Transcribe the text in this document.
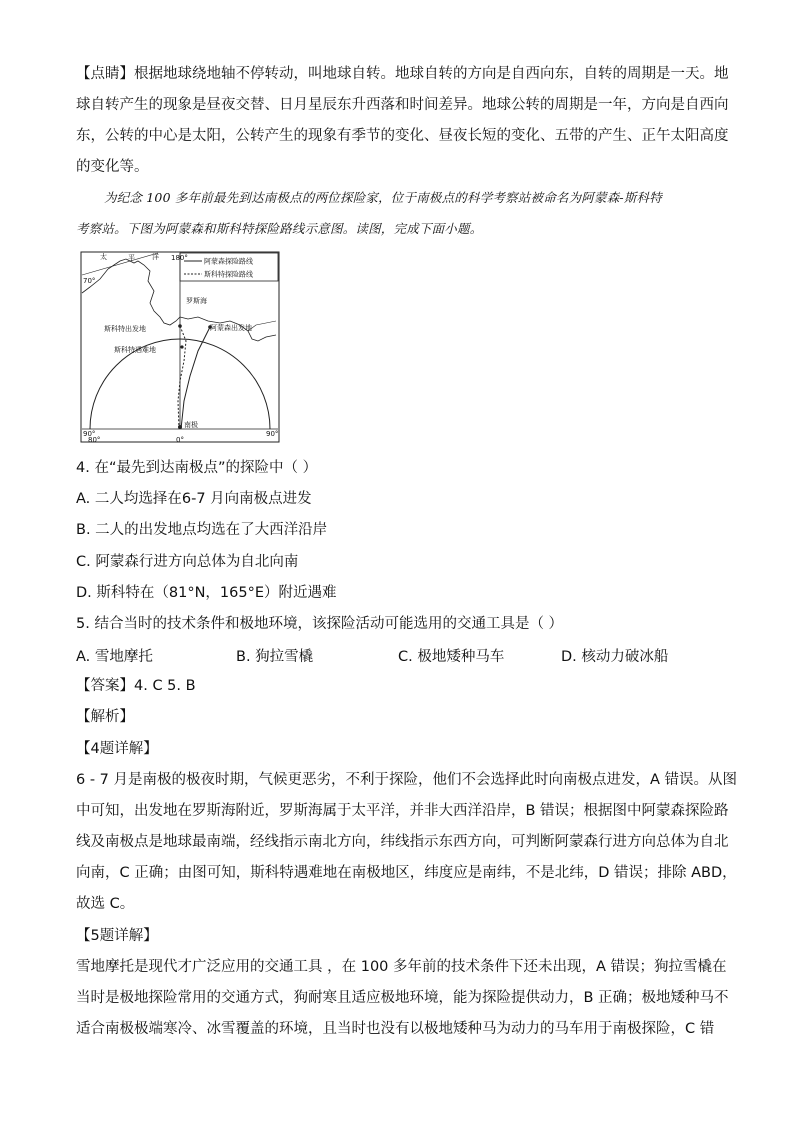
【点睛】根据地球绕地轴不停转动，叫地球自转。地球自转的方向是自西向东，自转的周期是一天。地
球自转产生的现象是昼夜交替、日月星辰东升西落和时间差异。地球公转的周期是一年，方向是自西向
东，公转的中心是太阳，公转产生的现象有季节的变化、昼夜长短的变化、五带的产生、正午太阳高度
的变化等。
为纪念 100 多年前最先到达南极点的两位探险家，位于南极点的科学考察站被命名为阿蒙森-斯科特
考察站。下图为阿蒙森和斯科特探险路线示意图。读图，完成下面小题。
阿蒙森探险路线
斯科特探险路线
太	平 洋
70°
180°
罗斯海
斯科特出发地	阿蒙森出发地
斯科特遇难地
南极
90°
80°	0°
90°
4. 在“最先到达南极点”的探险中（ ）
A. 二人均选择在6-7 月向南极点进发
B. 二人的出发地点均选在了大西洋沿岸
C. 阿蒙森行进方向总体为自北向南
D. 斯科特在（81°N，165°E）附近遇难
5. 结合当时的技术条件和极地环境，该探险活动可能选用的交通工具是（ ）
A. 雪地摩托	B. 狗拉雪橇	C. 极地矮种马车	D. 核动力破冰船
【答案】4. C 5. B
【解析】
【4题详解】
6 - 7 月是南极的极夜时期，气候更恶劣，不利于探险，他们不会选择此时向南极点进发，A 错误。从图
中可知，出发地在罗斯海附近，罗斯海属于太平洋，并非大西洋沿岸，B 错误；根据图中阿蒙森探险路
线及南极点是地球最南端，经线指示南北方向，纬线指示东西方向，可判断阿蒙森行进方向总体为自北
向南，C 正确；由图可知，斯科特遇难地在南极地区，纬度应是南纬，不是北纬，D 错误；排除 ABD，
故选 C。
【5题详解】
雪地摩托是现代才广泛应用的交通工具 ，在 100 多年前的技术条件下还未出现，A 错误；狗拉雪橇在
当时是极地探险常用的交通方式，狗耐寒且适应极地环境，能为探险提供动力，B 正确；极地矮种马不
适合南极极端寒冷、冰雪覆盖的环境，且当时也没有以极地矮种马为动力的马车用于南极探险，C 错
